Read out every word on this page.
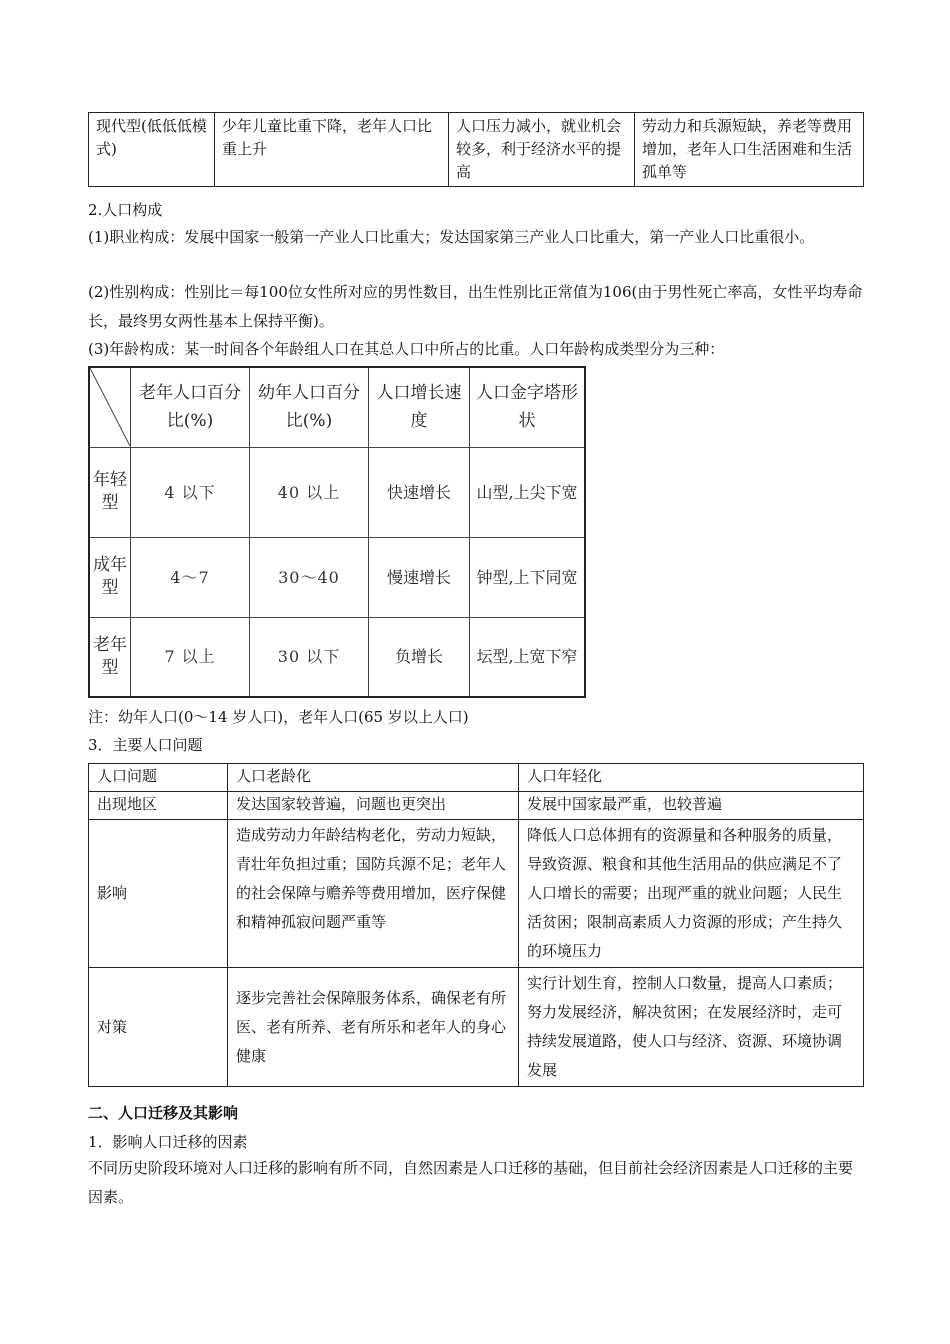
现代型(低低低模式)	少年儿童比重下降，老年人口比重上升	人口压力减小，就业机会较多，利于经济水平的提高	劳动力和兵源短缺，养老等费用增加，老年人口生活困难和生活孤单等

2.人口构成

(1)职业构成：发展中国家一般第一产业人口比重大；发达国家第三产业人口比重大，第一产业人口比重很小。

(2)性别构成：性别比＝每100位女性所对应的男性数目，出生性别比正常值为106(由于男性死亡率高，女性平均寿命长，最终男女两性基本上保持平衡)。

(3)年龄构成：某一时间各个年龄组人口在其总人口中所占的比重。人口年龄构成类型分为三种：

	老年人口百分比(%)	幼年人口百分比(%)	人口增长速度	人口金字塔形状
年轻型	4 以下	40 以上	快速增长	山型,上尖下宽
成年型	4～7	30～40	慢速增长	钟型,上下同宽
老年型	7 以上	30 以下	负增长	坛型,上宽下窄

注：幼年人口(0～14 岁人口)，老年人口(65 岁以上人口)

3．主要人口问题

人口问题	人口老龄化	人口年轻化
出现地区	发达国家较普遍，问题也更突出	发展中国家最严重，也较普遍
影响	造成劳动力年龄结构老化，劳动力短缺，青壮年负担过重；国防兵源不足；老年人的社会保障与赡养等费用增加，医疗保健和精神孤寂问题严重等	降低人口总体拥有的资源量和各种服务的质量，导致资源、粮食和其他生活用品的供应满足不了人口增长的需要；出现严重的就业问题；人民生活贫困；限制高素质人力资源的形成；产生持久的环境压力
对策	逐步完善社会保障服务体系，确保老有所医、老有所养、老有所乐和老年人的身心健康	实行计划生育，控制人口数量，提高人口素质；努力发展经济，解决贫困；在发展经济时，走可持续发展道路，使人口与经济、资源、环境协调发展

二、人口迁移及其影响

1．影响人口迁移的因素

不同历史阶段环境对人口迁移的影响有所不同，自然因素是人口迁移的基础，但目前社会经济因素是人口迁移的主要因素。
